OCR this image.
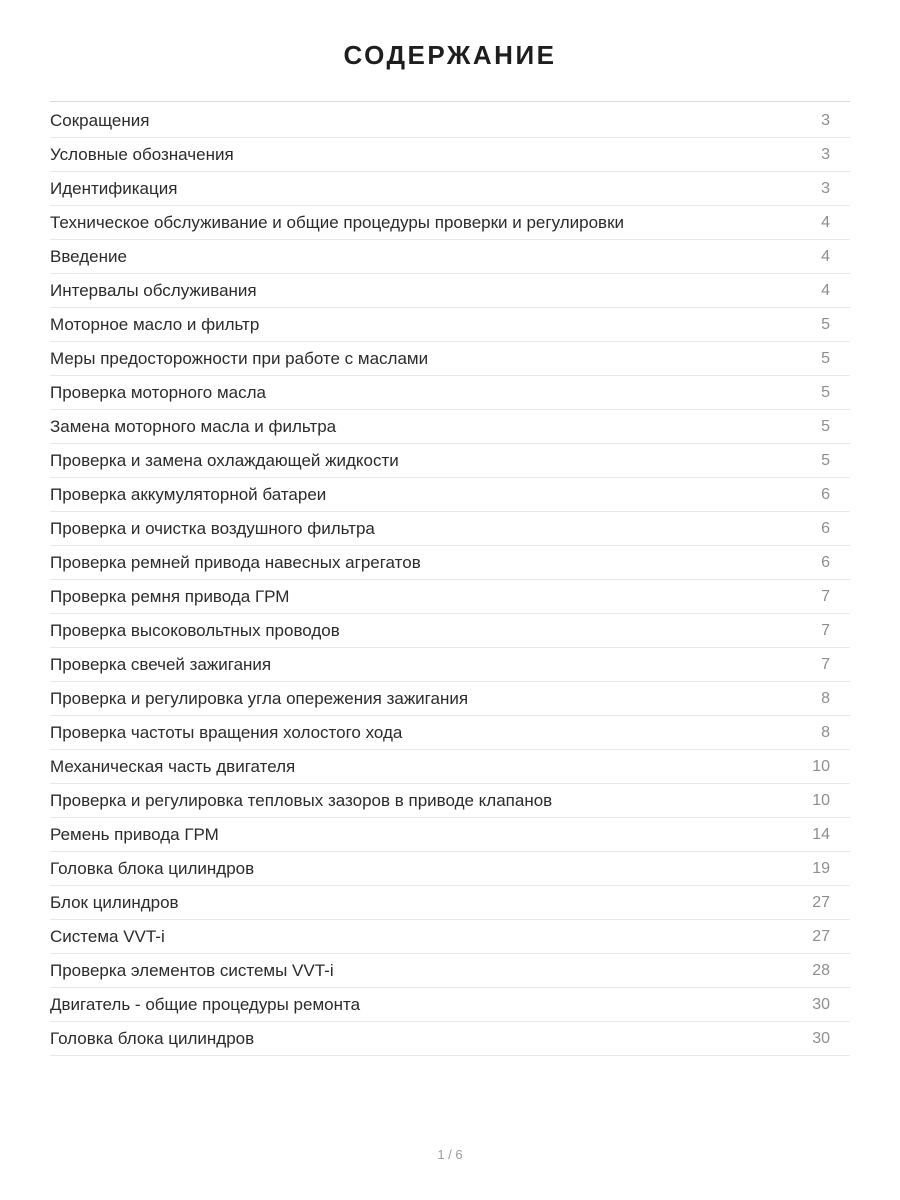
СОДЕРЖАНИЕ
Сокращения	3
Условные обозначения	3
Идентификация	3
Техническое обслуживание и общие процедуры проверки и регулировки	4
Введение	4
Интервалы обслуживания	4
Моторное масло и фильтр	5
Меры предосторожности при работе с маслами	5
Проверка моторного масла	5
Замена моторного масла и фильтра	5
Проверка и замена охлаждающей жидкости	5
Проверка аккумуляторной батареи	6
Проверка и очистка воздушного фильтра	6
Проверка ремней привода навесных агрегатов	6
Проверка ремня привода ГРМ	7
Проверка высоковольтных проводов	7
Проверка свечей зажигания	7
Проверка и регулировка угла опережения зажигания	8
Проверка частоты вращения холостого хода	8
Механическая часть двигателя	10
Проверка и регулировка тепловых зазоров в приводе клапанов	10
Ремень привода ГРМ	14
Головка блока цилиндров	19
Блок цилиндров	27
Система VVT-i	27
Проверка элементов системы VVT-i	28
Двигатель - общие процедуры ремонта	30
Головка блока цилиндров	30
1 / 6
